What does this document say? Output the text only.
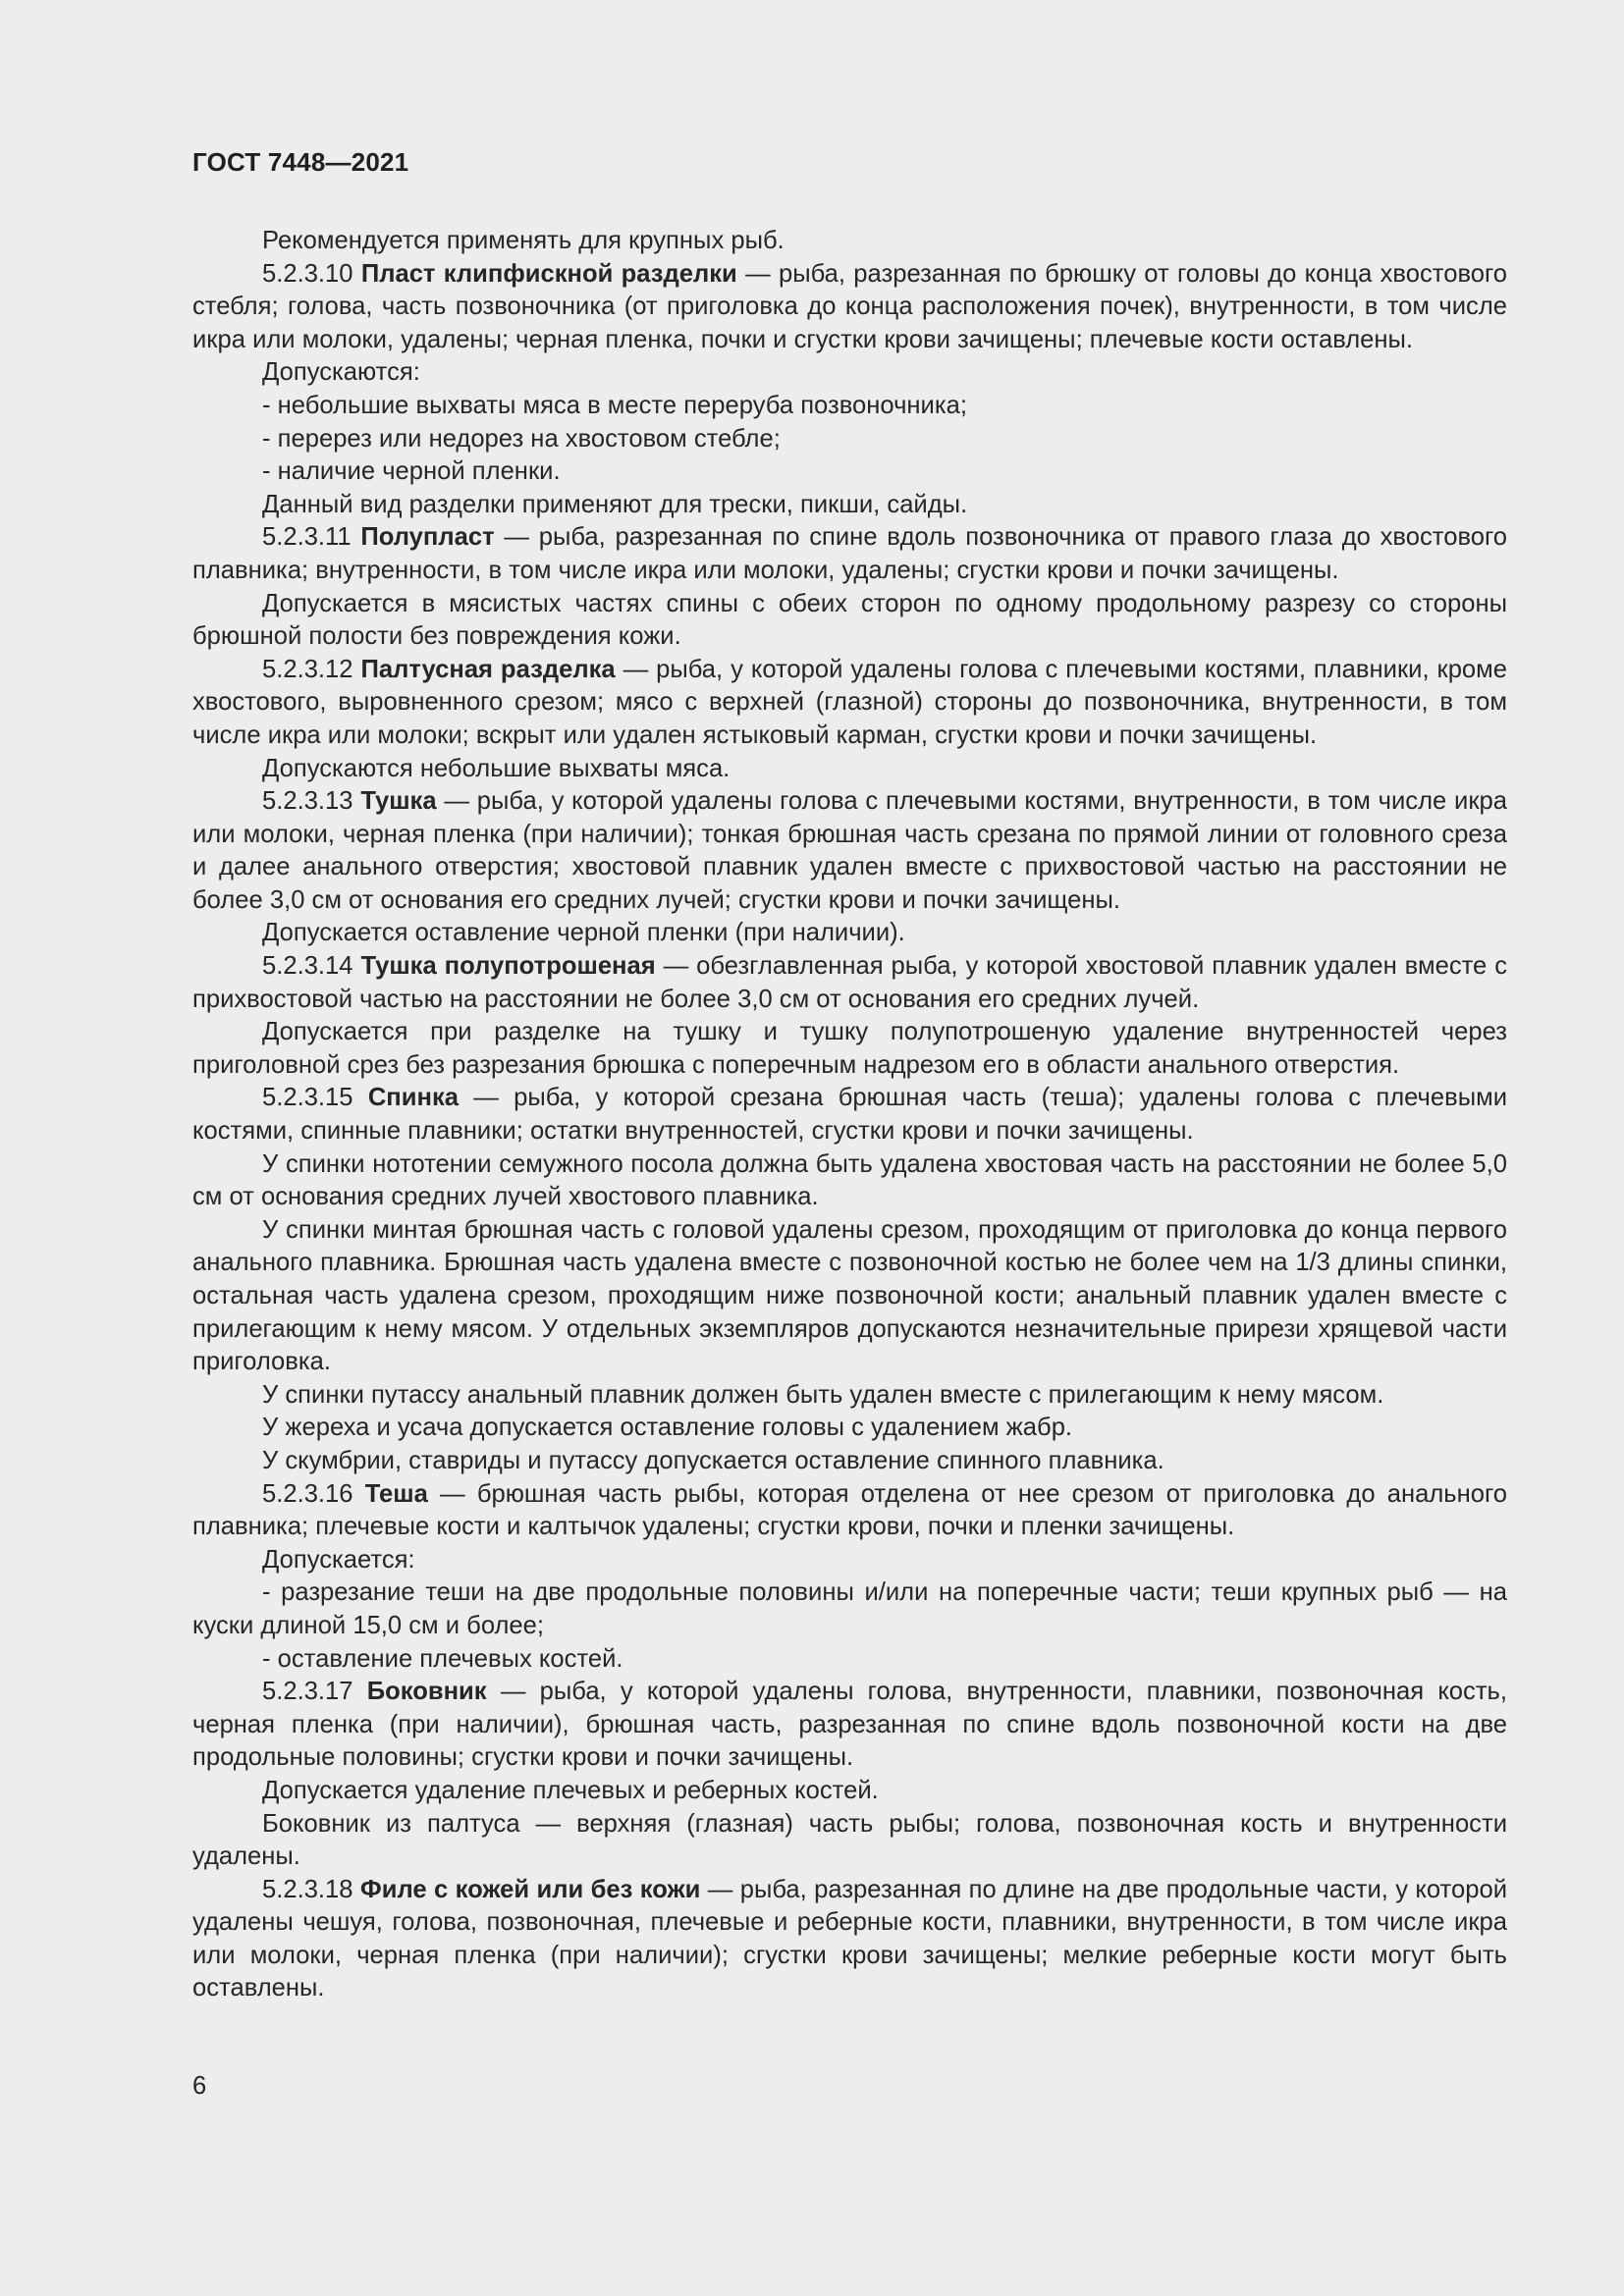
ГОСТ 7448—2021

Рекомендуется применять для крупных рыб.

5.2.3.10 Пласт клипфискной разделки — рыба, разрезанная по брюшку от головы до конца хвостового стебля; голова, часть позвоночника (от приголовка до конца расположения почек), внутренности, в том числе икра или молоки, удалены; черная пленка, почки и сгустки крови зачищены; плечевые кости оставлены.

Допускаются:

- небольшие выхваты мяса в месте переруба позвоночника;

- перерез или недорез на хвостовом стебле;

- наличие черной пленки.

Данный вид разделки применяют для трески, пикши, сайды.

5.2.3.11 Полупласт — рыба, разрезанная по спине вдоль позвоночника от правого глаза до хвостового плавника; внутренности, в том числе икра или молоки, удалены; сгустки крови и почки зачищены.

Допускается в мясистых частях спины с обеих сторон по одному продольному разрезу со стороны брюшной полости без повреждения кожи.

5.2.3.12 Палтусная разделка — рыба, у которой удалены голова с плечевыми костями, плавники, кроме хвостового, выровненного срезом; мясо с верхней (глазной) стороны до позвоночника, внутренности, в том числе икра или молоки; вскрыт или удален ястыковый карман, сгустки крови и почки зачищены.

Допускаются небольшие выхваты мяса.

5.2.3.13 Тушка — рыба, у которой удалены голова с плечевыми костями, внутренности, в том числе икра или молоки, черная пленка (при наличии); тонкая брюшная часть срезана по прямой линии от головного среза и далее анального отверстия; хвостовой плавник удален вместе с прихвостовой частью на расстоянии не более 3,0 см от основания его средних лучей; сгустки крови и почки зачищены.

Допускается оставление черной пленки (при наличии).

5.2.3.14 Тушка полупотрошеная — обезглавленная рыба, у которой хвостовой плавник удален вместе с прихвостовой частью на расстоянии не более 3,0 см от основания его средних лучей.

Допускается при разделке на тушку и тушку полупотрошеную удаление внутренностей через приголовной срез без разрезания брюшка с поперечным надрезом его в области анального отверстия.

5.2.3.15 Спинка — рыба, у которой срезана брюшная часть (теша); удалены голова с плечевыми костями, спинные плавники; остатки внутренностей, сгустки крови и почки зачищены.

У спинки нототении семужного посола должна быть удалена хвостовая часть на расстоянии не более 5,0 см от основания средних лучей хвостового плавника.

У спинки минтая брюшная часть с головой удалены срезом, проходящим от приголовка до конца первого анального плавника. Брюшная часть удалена вместе с позвоночной костью не более чем на 1/3 длины спинки, остальная часть удалена срезом, проходящим ниже позвоночной кости; анальный плавник удален вместе с прилегающим к нему мясом. У отдельных экземпляров допускаются незначительные прирези хрящевой части приголовка.

У спинки путассу анальный плавник должен быть удален вместе с прилегающим к нему мясом.

У жереха и усача допускается оставление головы с удалением жабр.

У скумбрии, ставриды и путассу допускается оставление спинного плавника.

5.2.3.16 Теша — брюшная часть рыбы, которая отделена от нее срезом от приголовка до анального плавника; плечевые кости и калтычок удалены; сгустки крови, почки и пленки зачищены.

Допускается:

- разрезание теши на две продольные половины и/или на поперечные части; теши крупных рыб — на куски длиной 15,0 см и более;

- оставление плечевых костей.

5.2.3.17 Боковник — рыба, у которой удалены голова, внутренности, плавники, позвоночная кость, черная пленка (при наличии), брюшная часть, разрезанная по спине вдоль позвоночной кости на две продольные половины; сгустки крови и почки зачищены.

Допускается удаление плечевых и реберных костей.

Боковник из палтуса — верхняя (глазная) часть рыбы; голова, позвоночная кость и внутренности удалены.

5.2.3.18 Филе с кожей или без кожи — рыба, разрезанная по длине на две продольные части, у которой удалены чешуя, голова, позвоночная, плечевые и реберные кости, плавники, внутренности, в том числе икра или молоки, черная пленка (при наличии); сгустки крови зачищены; мелкие реберные кости могут быть оставлены.

6
